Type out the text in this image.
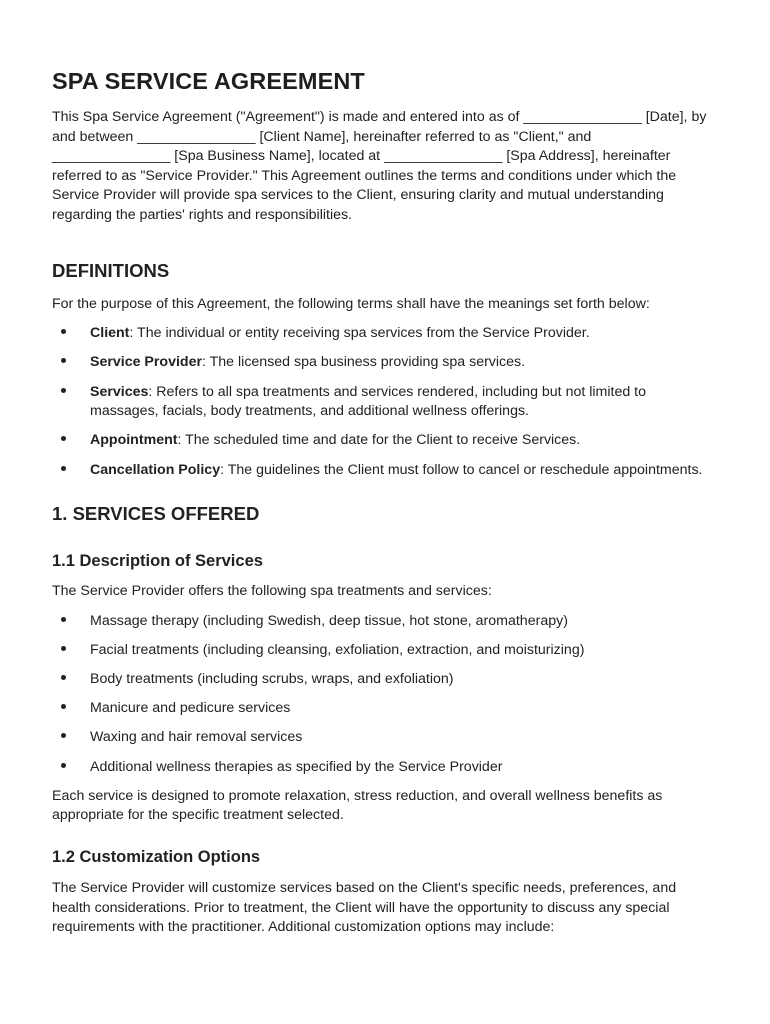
SPA SERVICE AGREEMENT

This Spa Service Agreement ("Agreement") is made and entered into as of _______________ [Date], by and between _______________ [Client Name], hereinafter referred to as "Client," and _______________ [Spa Business Name], located at _______________ [Spa Address], hereinafter referred to as "Service Provider." This Agreement outlines the terms and conditions under which the Service Provider will provide spa services to the Client, ensuring clarity and mutual understanding regarding the parties' rights and responsibilities.

DEFINITIONS

For the purpose of this Agreement, the following terms shall have the meanings set forth below:

Client: The individual or entity receiving spa services from the Service Provider.
Service Provider: The licensed spa business providing spa services.
Services: Refers to all spa treatments and services rendered, including but not limited to massages, facials, body treatments, and additional wellness offerings.
Appointment: The scheduled time and date for the Client to receive Services.
Cancellation Policy: The guidelines the Client must follow to cancel or reschedule appointments.
1. SERVICES OFFERED
1.1 Description of Services

The Service Provider offers the following spa treatments and services:

Massage therapy (including Swedish, deep tissue, hot stone, aromatherapy)
Facial treatments (including cleansing, exfoliation, extraction, and moisturizing)
Body treatments (including scrubs, wraps, and exfoliation)
Manicure and pedicure services
Waxing and hair removal services
Additional wellness therapies as specified by the Service Provider

Each service is designed to promote relaxation, stress reduction, and overall wellness benefits as appropriate for the specific treatment selected.

1.2 Customization Options

The Service Provider will customize services based on the Client's specific needs, preferences, and health considerations. Prior to treatment, the Client will have the opportunity to discuss any special requirements with the practitioner. Additional customization options may include:
